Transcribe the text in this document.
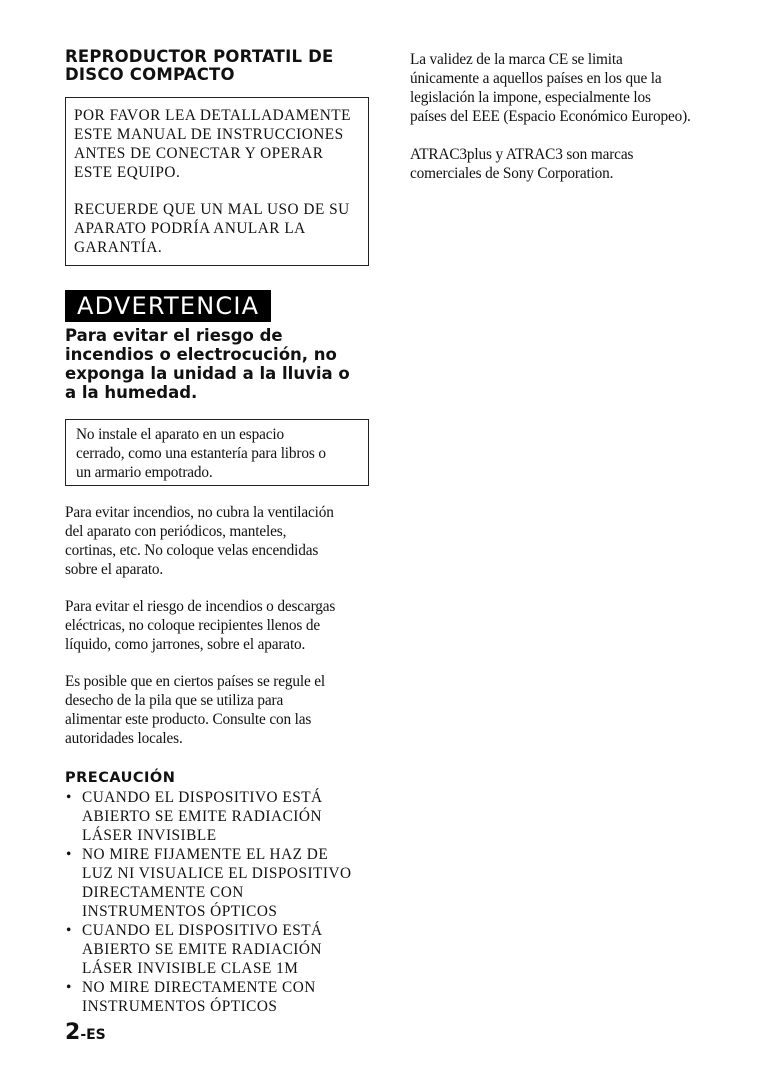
REPRODUCTOR PORTATIL DE
DISCO COMPACTO

POR FAVOR LEA DETALLADAMENTE
ESTE MANUAL DE INSTRUCCIONES
ANTES DE CONECTAR Y OPERAR
ESTE EQUIPO.

RECUERDE QUE UN MAL USO DE SU
APARATO PODRÍA ANULAR LA
GARANTÍA.

ADVERTENCIA

Para evitar el riesgo de
incendios o electrocución, no
exponga la unidad a la lluvia o
a la humedad.

No instale el aparato en un espacio
cerrado, como una estantería para libros o
un armario empotrado.

Para evitar incendios, no cubra la ventilación
del aparato con periódicos, manteles,
cortinas, etc. No coloque velas encendidas
sobre el aparato.

Para evitar el riesgo de incendios o descargas
eléctricas, no coloque recipientes llenos de
líquido, como jarrones, sobre el aparato.

Es posible que en ciertos países se regule el
desecho de la pila que se utiliza para
alimentar este producto. Consulte con las
autoridades locales.

PRECAUCIÓN
• CUANDO EL DISPOSITIVO ESTÁ
ABIERTO SE EMITE RADIACIÓN
LÁSER INVISIBLE
• NO MIRE FIJAMENTE EL HAZ DE
LUZ NI VISUALICE EL DISPOSITIVO
DIRECTAMENTE CON
INSTRUMENTOS ÓPTICOS
• CUANDO EL DISPOSITIVO ESTÁ
ABIERTO SE EMITE RADIACIÓN
LÁSER INVISIBLE CLASE 1M
• NO MIRE DIRECTAMENTE CON
INSTRUMENTOS ÓPTICOS

La validez de la marca CE se limita
únicamente a aquellos países en los que la
legislación la impone, especialmente los
países del EEE (Espacio Económico Europeo).

ATRAC3plus y ATRAC3 son marcas
comerciales de Sony Corporation.

2-ES
